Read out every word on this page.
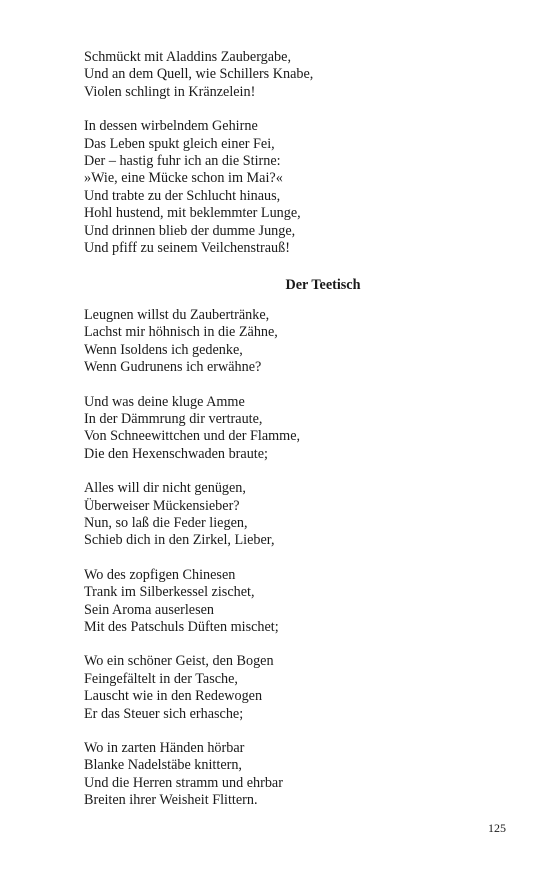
Schmückt mit Aladdins Zaubergabe,
Und an dem Quell, wie Schillers Knabe,
Violen schlingt in Kränzelein!
In dessen wirbelndem Gehirne
Das Leben spukt gleich einer Fei,
Der – hastig fuhr ich an die Stirne:
»Wie, eine Mücke schon im Mai?«
Und trabte zu der Schlucht hinaus,
Hohl hustend, mit beklemmter Lunge,
Und drinnen blieb der dumme Junge,
Und pfiff zu seinem Veilchenstrauß!
Der Teetisch
Leugnen willst du Zaubertränke,
Lachst mir höhnisch in die Zähne,
Wenn Isoldens ich gedenke,
Wenn Gudrunens ich erwähne?
Und was deine kluge Amme
In der Dämmrung dir vertraute,
Von Schneewittchen und der Flamme,
Die den Hexenschwaden braute;
Alles will dir nicht genügen,
Überweiser Mückensieber?
Nun, so laß die Feder liegen,
Schieb dich in den Zirkel, Lieber,
Wo des zopfigen Chinesen
Trank im Silberkessel zischet,
Sein Aroma auserlesen
Mit des Patschuls Düften mischet;
Wo ein schöner Geist, den Bogen
Feingefältelt in der Tasche,
Lauscht wie in den Redewogen
Er das Steuer sich erhasche;
Wo in zarten Händen hörbar
Blanke Nadelstäbe knittern,
Und die Herren stramm und ehrbar
Breiten ihrer Weisheit Flittern.
125
